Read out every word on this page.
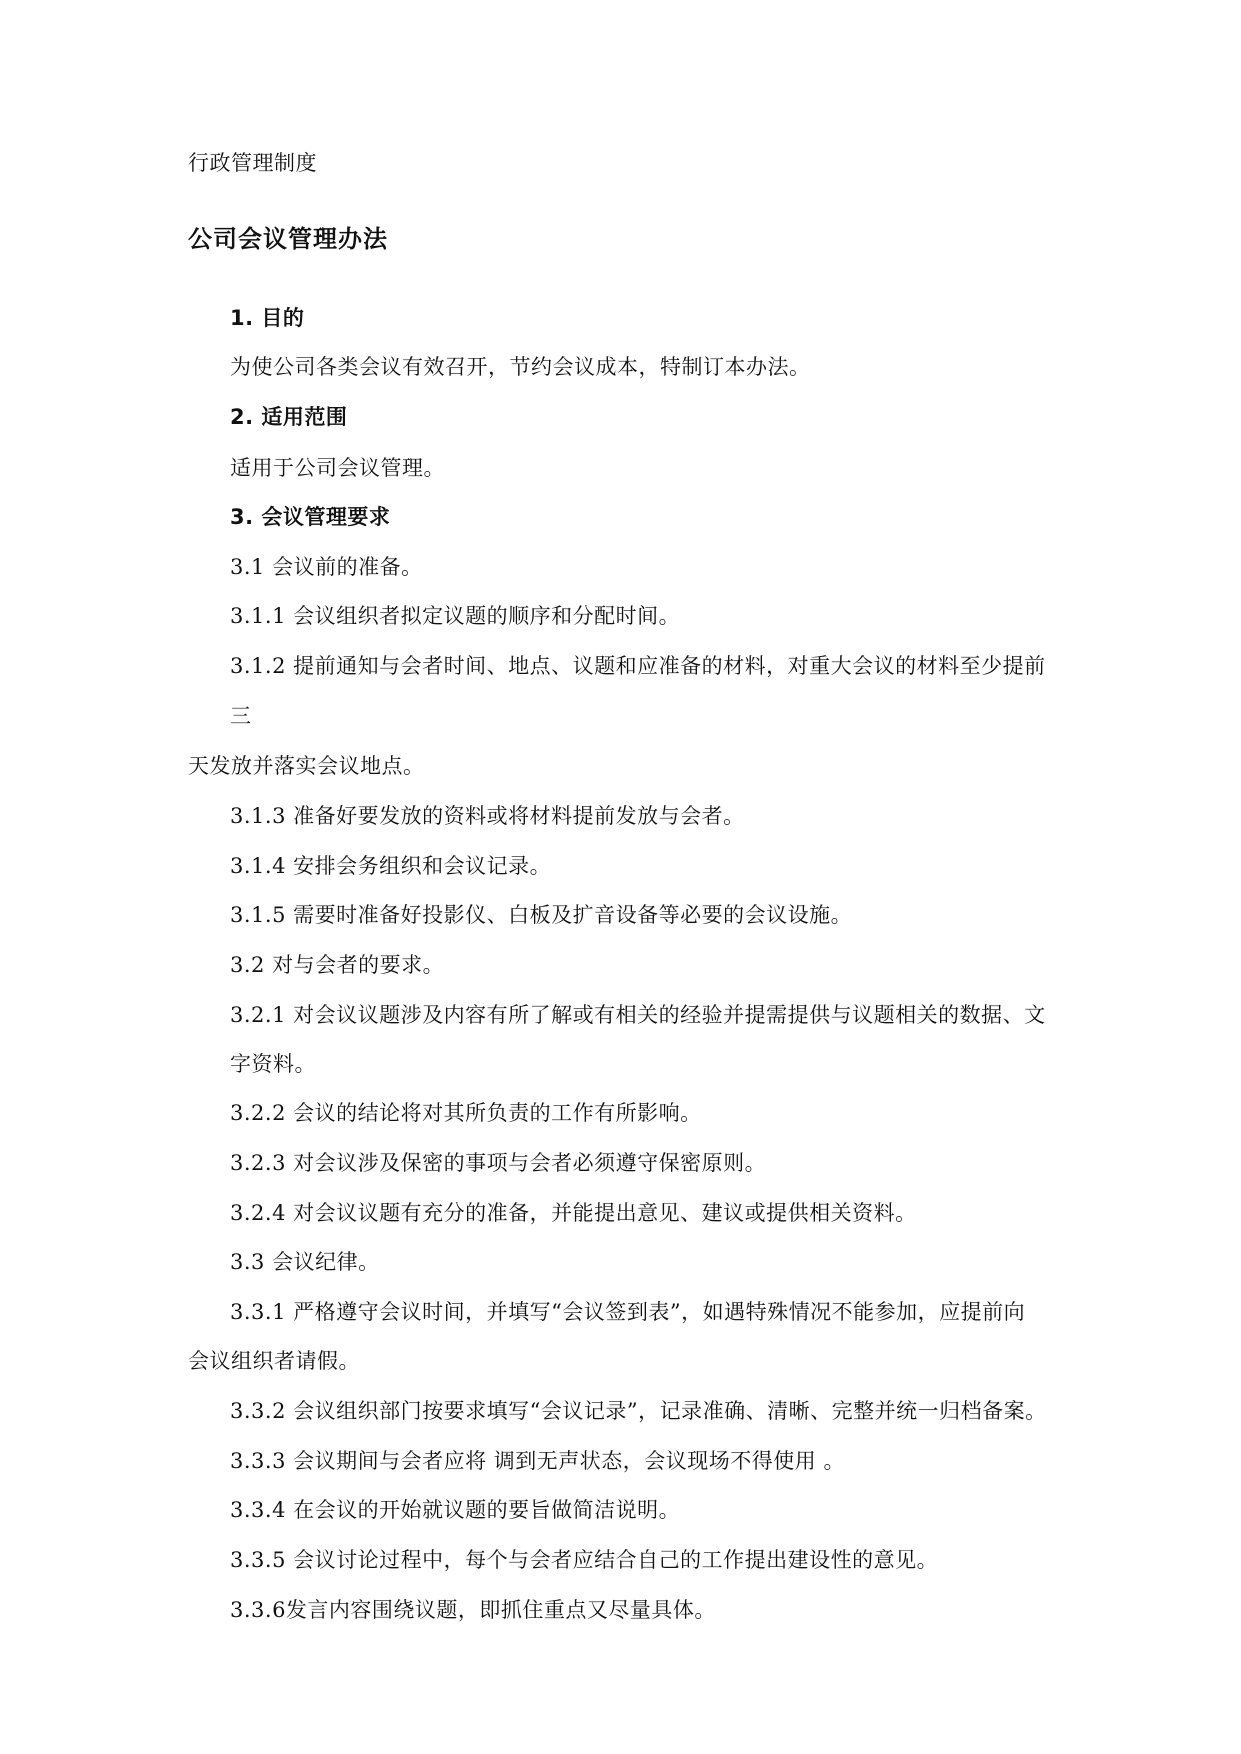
行政管理制度
公司会议管理办法
1. 目的
为使公司各类会议有效召开，节约会议成本，特制订本办法。
2. 适用范围
适用于公司会议管理。
3. 会议管理要求
3.1 会议前的准备。
3.1.1 会议组织者拟定议题的顺序和分配时间。
3.1.2 提前通知与会者时间、地点、议题和应准备的材料，对重大会议的材料至少提前
三
天发放并落实会议地点。
3.1.3 准备好要发放的资料或将材料提前发放与会者。
3.1.4 安排会务组织和会议记录。
3.1.5 需要时准备好投影仪、白板及扩音设备等必要的会议设施。
3.2 对与会者的要求。
3.2.1 对会议议题涉及内容有所了解或有相关的经验并提需提供与议题相关的数据、文
字资料。
3.2.2 会议的结论将对其所负责的工作有所影响。
3.2.3 对会议涉及保密的事项与会者必须遵守保密原则。
3.2.4 对会议议题有充分的准备，并能提出意见、建议或提供相关资料。
3.3 会议纪律。
3.3.1 严格遵守会议时间，并填写“会议签到表”，如遇特殊情况不能参加，应提前向
会议组织者请假。
3.3.2 会议组织部门按要求填写“会议记录”，记录准确、清晰、完整并统一归档备案。
3.3.3 会议期间与会者应将 调到无声状态，会议现场不得使用 。
3.3.4 在会议的开始就议题的要旨做简洁说明。
3.3.5 会议讨论过程中，每个与会者应结合自己的工作提出建设性的意见。
3.3.6发言内容围绕议题，即抓住重点又尽量具体。
